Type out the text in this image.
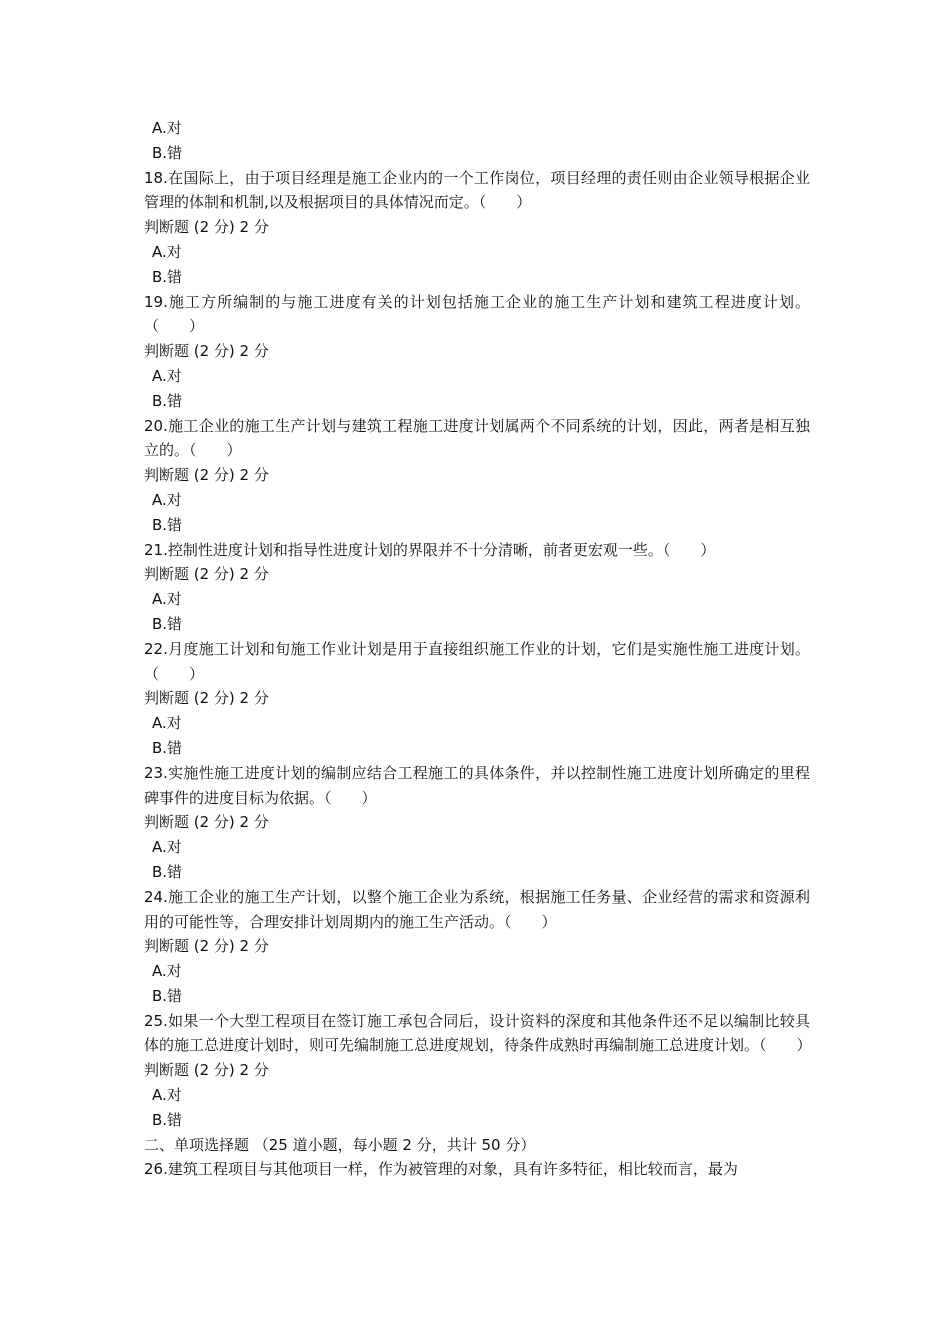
A.对
B.错
18.在国际上，由于项目经理是施工企业内的一个工作岗位，项目经理的责任则由企业领导根据企业管理的体制和机制,以及根据项目的具体情况而定。（　　）
判断题 (2 分) 2 分
A.对
B.错
19.施工方所编制的与施工进度有关的计划包括施工企业的施工生产计划和建筑工程进度计划。（　　）
判断题 (2 分) 2 分
A.对
B.错
20.施工企业的施工生产计划与建筑工程施工进度计划属两个不同系统的计划，因此，两者是相互独立的。（　　）
判断题 (2 分) 2 分
A.对
B.错
21.控制性进度计划和指导性进度计划的界限并不十分清晰，前者更宏观一些。（　　）
判断题 (2 分) 2 分
A.对
B.错
22.月度施工计划和旬施工作业计划是用于直接组织施工作业的计划，它们是实施性施工进度计划。（　　）
判断题 (2 分) 2 分
A.对
B.错
23.实施性施工进度计划的编制应结合工程施工的具体条件，并以控制性施工进度计划所确定的里程碑事件的进度目标为依据。（　　）
判断题 (2 分) 2 分
A.对
B.错
24.施工企业的施工生产计划，以整个施工企业为系统，根据施工任务量、企业经营的需求和资源利用的可能性等，合理安排计划周期内的施工生产活动。（　　）
判断题 (2 分) 2 分
A.对
B.错
25.如果一个大型工程项目在签订施工承包合同后，设计资料的深度和其他条件还不足以编制比较具体的施工总进度计划时，则可先编制施工总进度规划，待条件成熟时再编制施工总进度计划。（　　）
判断题 (2 分) 2 分
A.对
B.错
二、单项选择题 （25 道小题，每小题 2 分，共计 50 分）
26.建筑工程项目与其他项目一样，作为被管理的对象，具有许多特征，相比较而言，最为
